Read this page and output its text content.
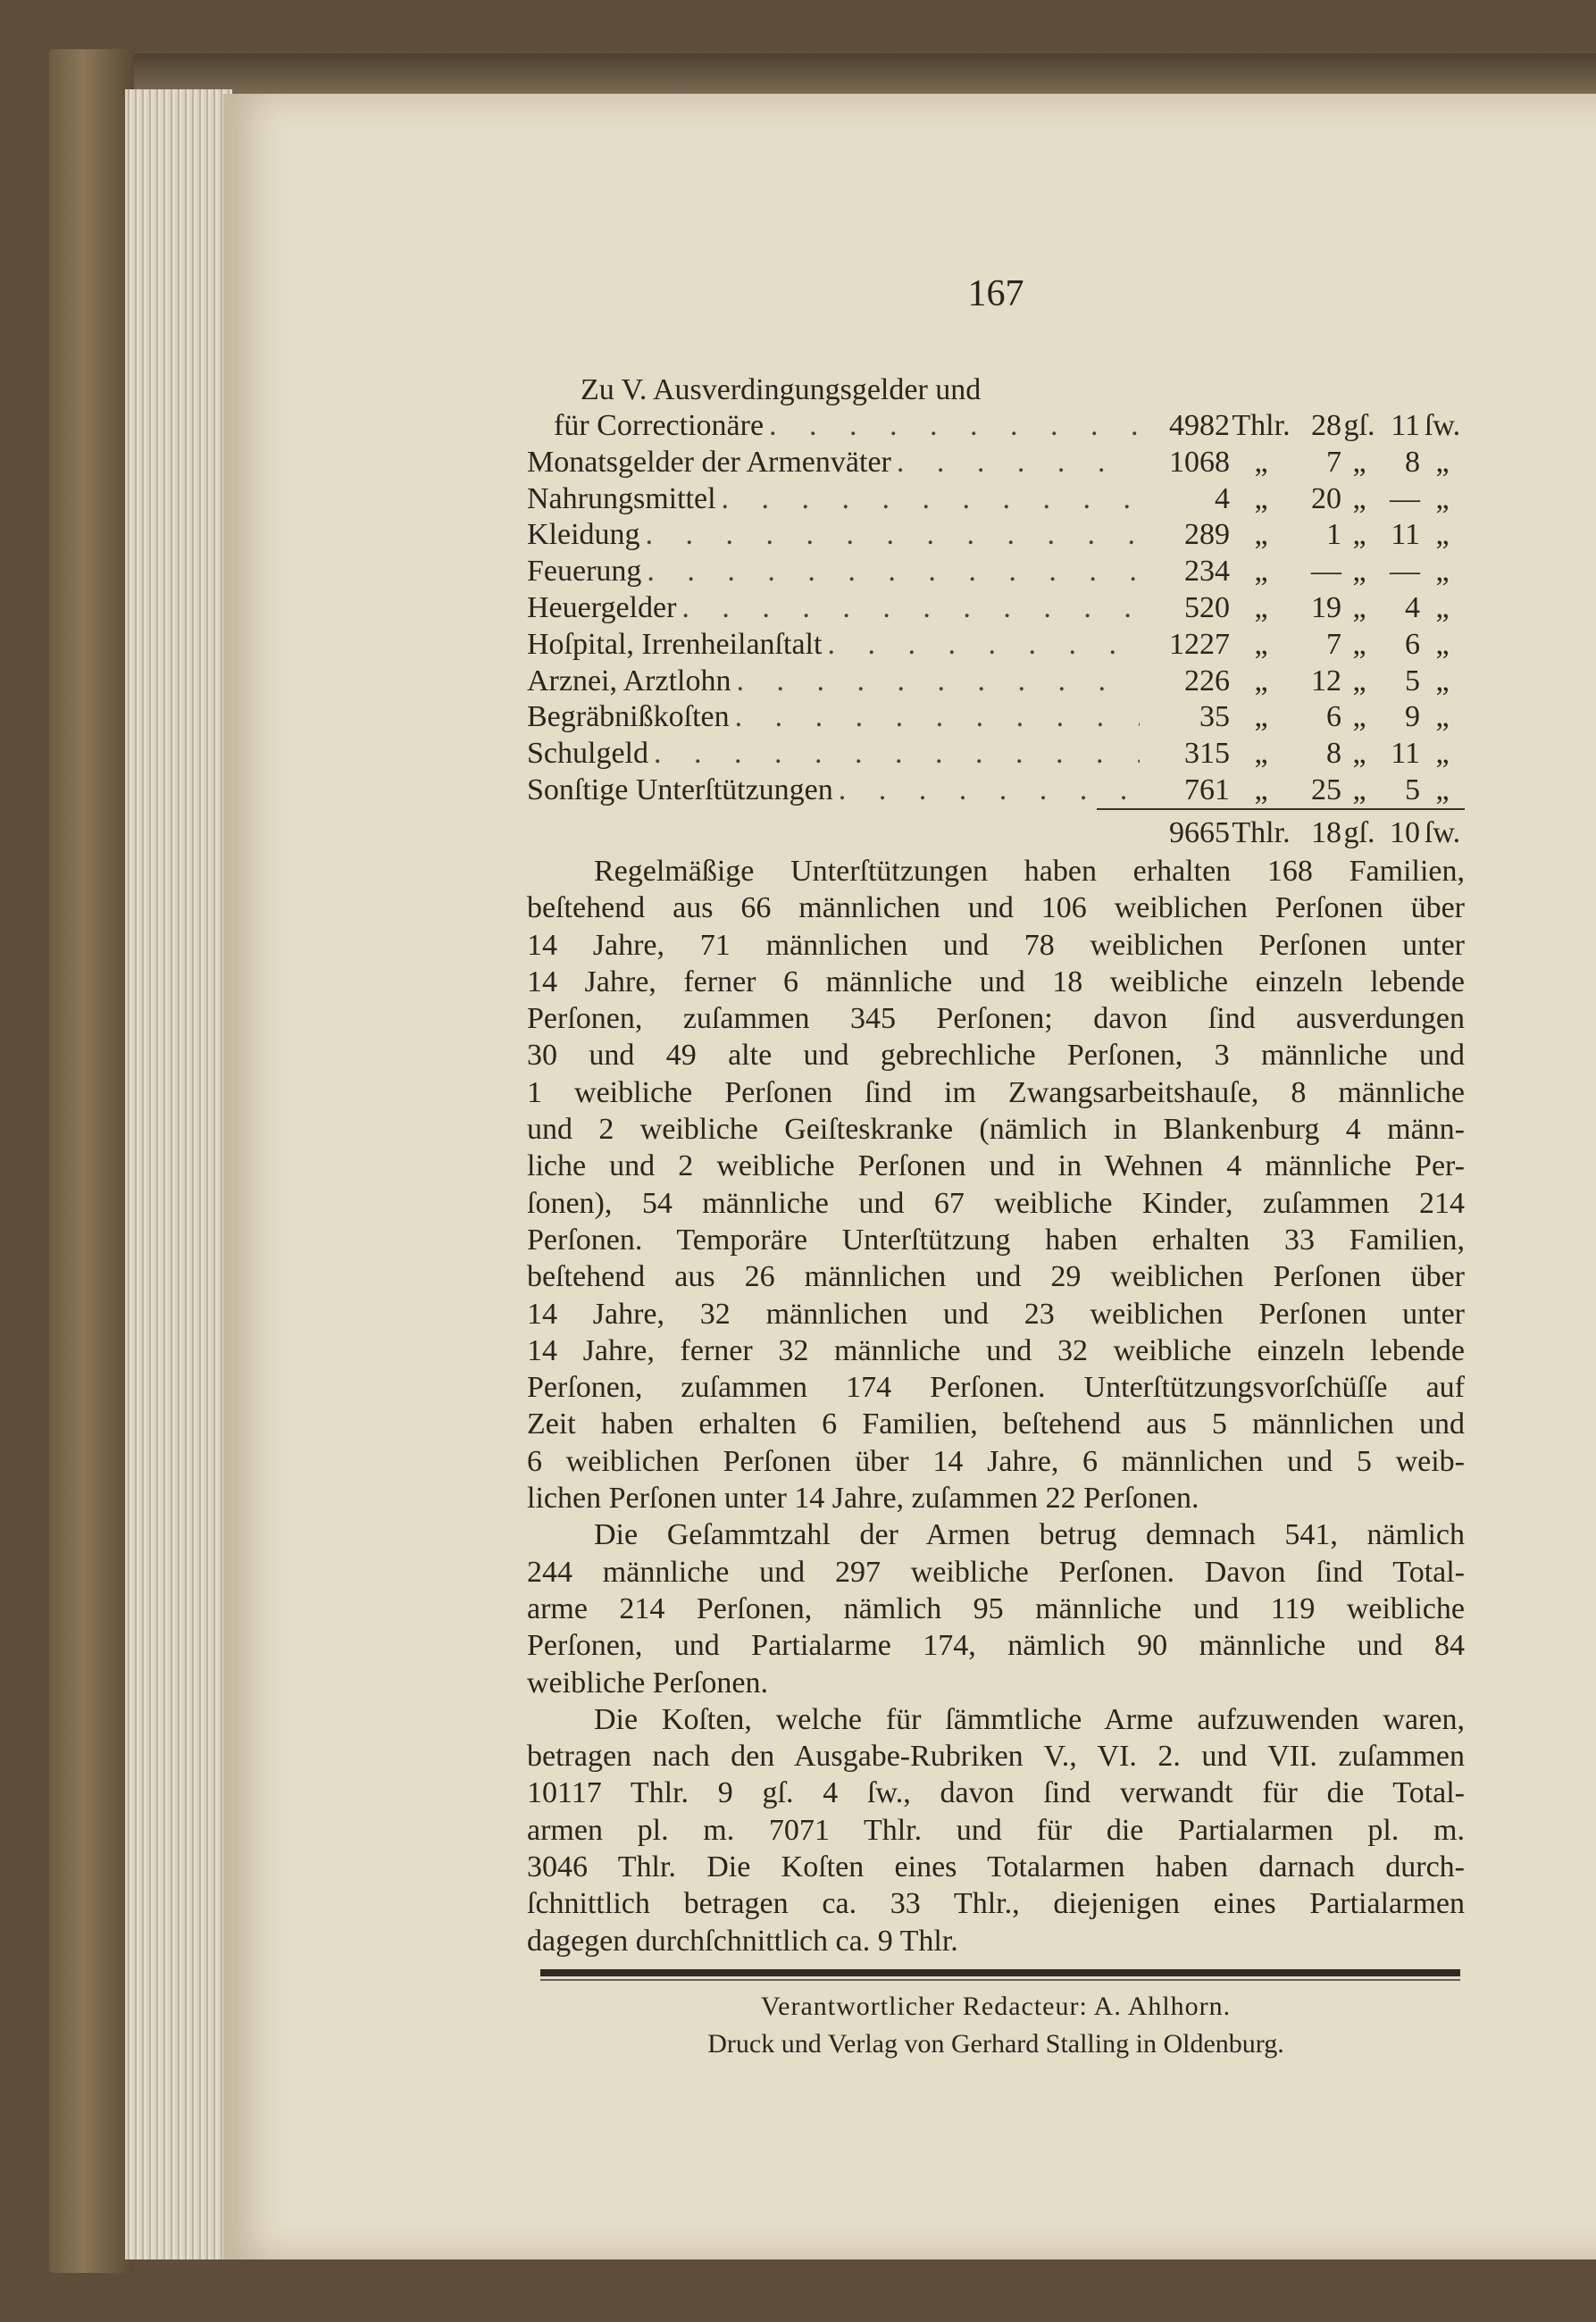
167
Zu V. Ausverdingungsgelder und
für Correctionäre . . .	4982 Thlr. 28 gſ. 11 ſw.
Monatsgelder der Armenväter . . .	1068 „	7 „	8 „
Nahrungsmittel . . .	4 „	20 „ — „
Kleidung . . .	289 „	1 „ 11 „
Feuerung . . .	234 „	— „ — „
Heuergelder . . .	520 „	19 „	4 „
Hoſpital, Irrenheilanſtalt . . .	1227 „	7 „	6 „
Arznei, Arztlohn . . .	226 „	12 „	5 „
Begräbnißkoſten . . .	35 „	6 „	9 „
Schulgeld . . .	315 „	8 „ 11 „
Sonſtige Unterſtützungen . . .	761 „	25 „	5 „
9665 Thlr. 18 gſ. 10 ſw.
Regelmäßige Unterſtützungen haben erhalten 168 Familien,
beſtehend aus 66 männlichen und 106 weiblichen Perſonen über
14 Jahre, 71 männlichen und 78 weiblichen Perſonen unter
14 Jahre, ferner 6 männliche und 18 weibliche einzeln lebende
Perſonen, zuſammen 345 Perſonen; davon ſind ausverdungen
30 und 49 alte und gebrechliche Perſonen, 3 männliche und
1 weibliche Perſonen ſind im Zwangsarbeitshauſe, 8 männliche
und 2 weibliche Geiſteskranke (nämlich in Blankenburg 4 männ-
liche und 2 weibliche Perſonen und in Wehnen 4 männliche Per-
ſonen), 54 männliche und 67 weibliche Kinder, zuſammen 214
Perſonen. Temporäre Unterſtützung haben erhalten 33 Familien,
beſtehend aus 26 männlichen und 29 weiblichen Perſonen über
14 Jahre, 32 männlichen und 23 weiblichen Perſonen unter
14 Jahre, ferner 32 männliche und 32 weibliche einzeln lebende
Perſonen, zuſammen 174 Perſonen. Unterſtützungsvorſchüſſe auf
Zeit haben erhalten 6 Familien, beſtehend aus 5 männlichen und
6 weiblichen Perſonen über 14 Jahre, 6 männlichen und 5 weib-
lichen Perſonen unter 14 Jahre, zuſammen 22 Perſonen.
Die Geſammtzahl der Armen betrug demnach 541, nämlich
244 männliche und 297 weibliche Perſonen. Davon ſind Total-
arme 214 Perſonen, nämlich 95 männliche und 119 weibliche
Perſonen, und Partialarme 174, nämlich 90 männliche und 84
weibliche Perſonen.
Die Koſten, welche für ſämmtliche Arme aufzuwenden waren,
betragen nach den Ausgabe-Rubriken V., VI. 2. und VII. zuſammen
10117 Thlr. 9 gſ. 4 ſw., davon ſind verwandt für die Total-
armen pl. m. 7071 Thlr. und für die Partialarmen pl. m.
3046 Thlr. Die Koſten eines Totalarmen haben darnach durch-
ſchnittlich betragen ca. 33 Thlr., diejenigen eines Partialarmen
dagegen durchſchnittlich ca. 9 Thlr.
Verantwortlicher Redacteur: A. Ahlhorn.
Druck und Verlag von Gerhard Stalling in Oldenburg.
